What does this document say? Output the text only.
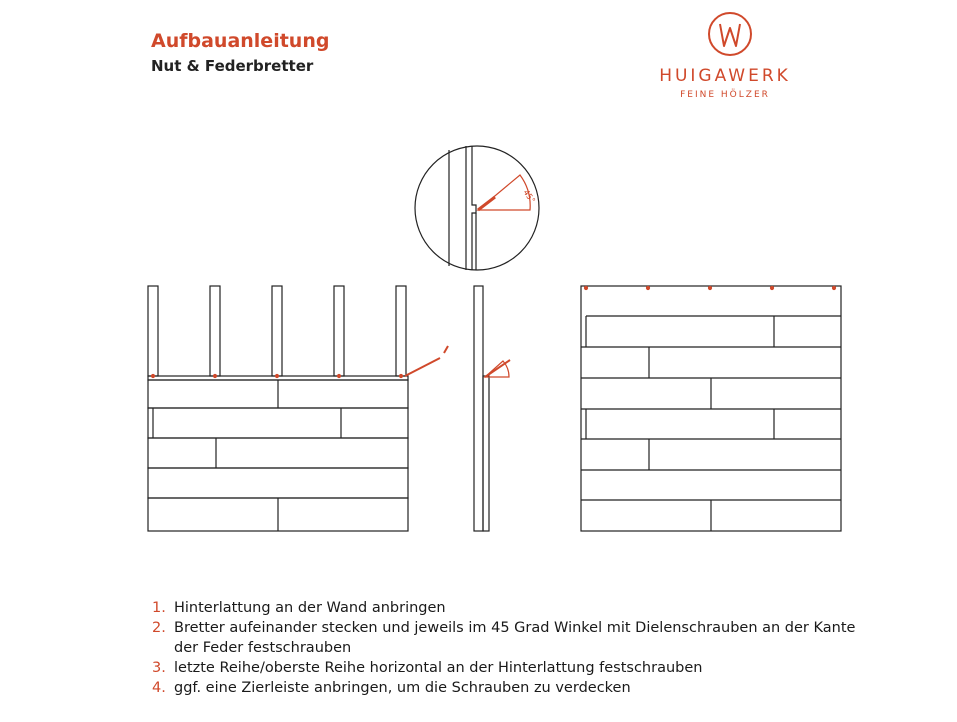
Aufbauanleitung
Nut & Federbretter	HUIGAWERK
FEINE HÖLZER
45°
1. Hinterlattung an der Wand anbringen
2. Bretter aufeinander stecken und jeweils im 45 Grad Winkel mit Dielenschrauben an der Kante der Feder festschrauben
3. letzte Reihe/oberste Reihe horizontal an der Hinterlattung festschrauben
4. ggf. eine Zierleiste anbringen, um die Schrauben zu verdecken
